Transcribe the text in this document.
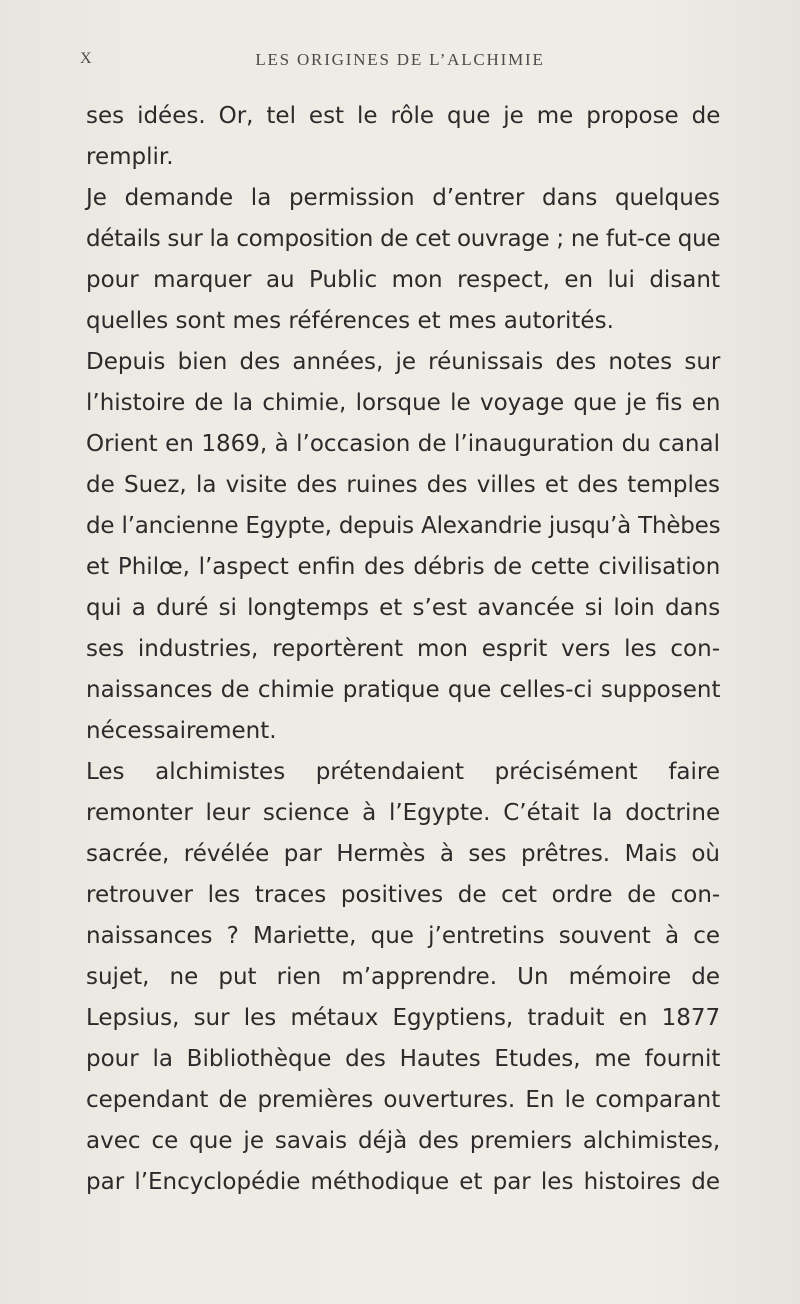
X	LES ORIGINES DE L’ALCHIMIE

ses idées. Or, tel est le rôle que je me propose de
remplir.

Je demande la permission d’entrer dans quelques
détails sur la composition de cet ouvrage ; ne fut-ce que
pour marquer au Public mon respect, en lui disant
quelles sont mes références et mes autorités.

Depuis bien des années, je réunissais des notes sur
l’histoire de la chimie, lorsque le voyage que je fis en
Orient en 1869, à l’occasion de l’inauguration du canal
de Suez, la visite des ruines des villes et des temples
de l’ancienne Egypte, depuis Alexandrie jusqu’à Thèbes
et Philœ, l’aspect enfin des débris de cette civilisation
qui a duré si longtemps et s’est avancée si loin dans
ses industries, reportèrent mon esprit vers les con-
naissances de chimie pratique que celles-ci supposent
nécessairement.

Les alchimistes prétendaient précisément faire
remonter leur science à l’Egypte. C’était la doctrine
sacrée, révélée par Hermès à ses prêtres. Mais où
retrouver les traces positives de cet ordre de con-
naissances ? Mariette, que j’entretins souvent à ce
sujet, ne put rien m’apprendre. Un mémoire de
Lepsius, sur les métaux Egyptiens, traduit en 1877
pour la Bibliothèque des Hautes Etudes, me fournit
cependant de premières ouvertures. En le comparant
avec ce que je savais déjà des premiers alchimistes,
par l’Encyclopédie méthodique et par les histoires de
